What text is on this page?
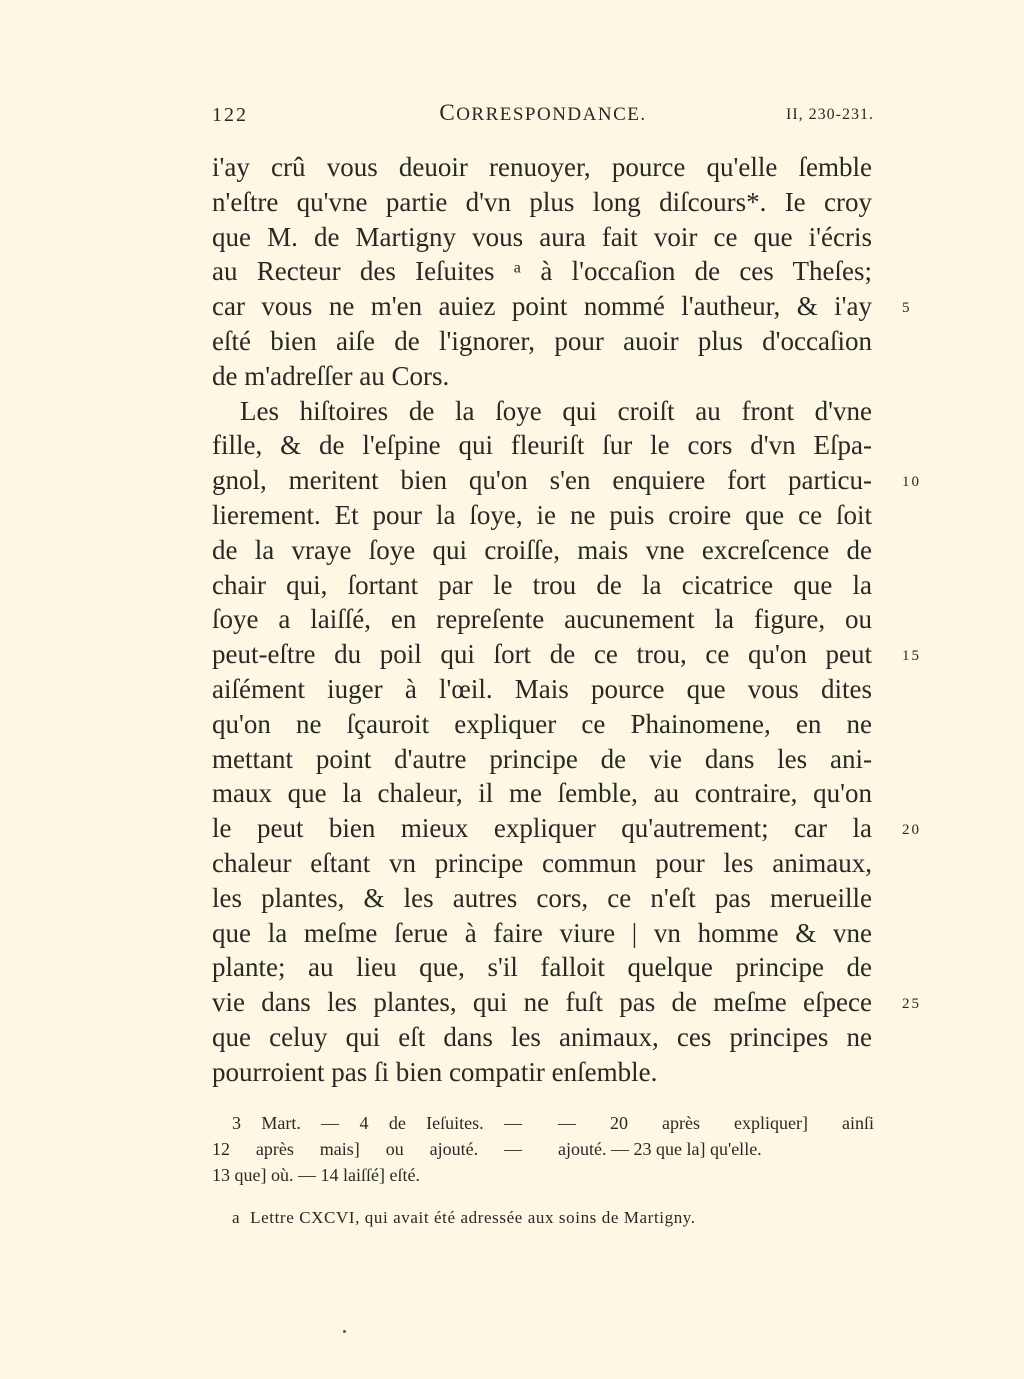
122	CORRESPONDANCE.	II, 230-231.
i'ay crû vous deuoir renuoyer, pource qu'elle ſemble
n'eſtre qu'vne partie d'vn plus long diſcours*. Ie croy
que M. de Martigny vous aura fait voir ce que i'écris
au Recteur des Ieſuites ᵃ à l'occaſion de ces Theſes;
car vous ne m'en auiez point nommé l'autheur, & i'ay 5
eſté bien aiſe de l'ignorer, pour auoir plus d'occaſion
de m'adreſſer au Cors.
Les hiſtoires de la ſoye qui croiſt au front d'vne
fille, & de l'eſpine qui fleuriſt ſur le cors d'vn Eſpa-
gnol, meritent bien qu'on s'en enquiere fort particu- 10
lierement. Et pour la ſoye, ie ne puis croire que ce ſoit
de la vraye ſoye qui croiſſe, mais vne excreſcence de
chair qui, ſortant par le trou de la cicatrice que la
ſoye a laiſſé, en repreſente aucunement la figure, ou
peut-eſtre du poil qui ſort de ce trou, ce qu'on peut 15
aiſément iuger à l'œil. Mais pource que vous dites
qu'on ne ſçauroit expliquer ce Phainomene, en ne
mettant point d'autre principe de vie dans les ani-
maux que la chaleur, il me ſemble, au contraire, qu'on
le peut bien mieux expliquer qu'autrement; car la 20
chaleur eſtant vn principe commun pour les animaux,
les plantes, & les autres cors, ce n'eſt pas merueille
que la meſme ſerue à faire viure | vn homme & vne
plante; au lieu que, s'il falloit quelque principe de
vie dans les plantes, qui ne fuſt pas de meſme eſpece 25
que celuy qui eſt dans les animaux, ces principes ne
pourroient pas ſi bien compatir enſemble.
3 Mart. — 4 de Ieſuites. —
12 après mais] ou ajouté. —
13 que] où. — 14 laiſſé] eſté.
— 20 après expliquer] ainſi
ajouté. — 23 que la] qu'elle.
a Lettre CXCVI, qui avait été adressée aux soins de Martigny.
